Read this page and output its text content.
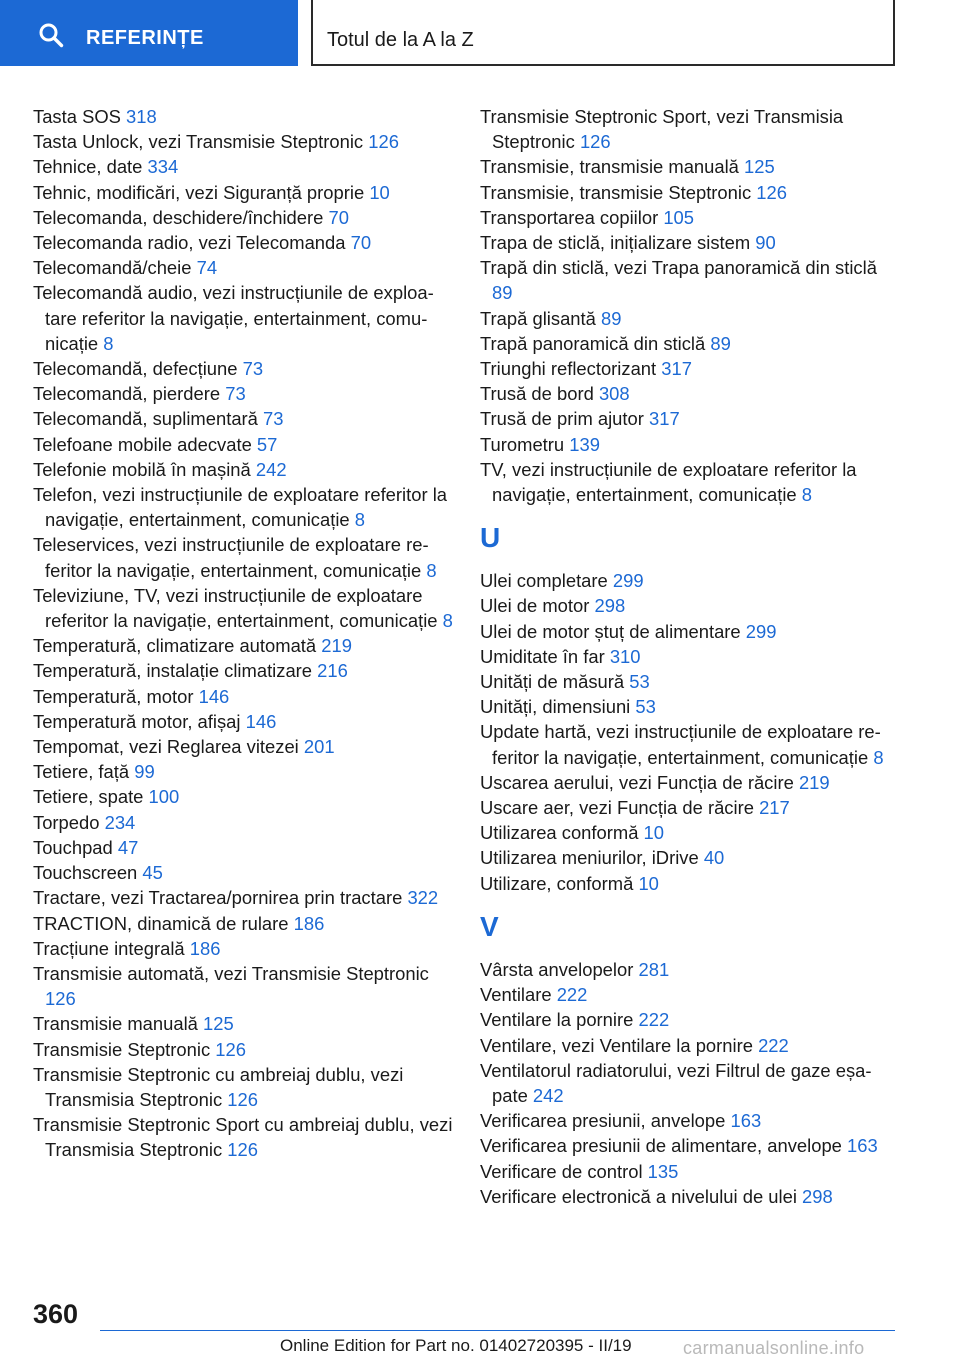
REFERINȚE	Totul de la A la Z
Tasta SOS 318
Tasta Unlock, vezi Transmisie Steptronic 126
Tehnice, date 334
Tehnic, modificări, vezi Siguranță proprie 10
Telecomanda, deschidere/închidere 70
Telecomanda radio, vezi Telecomanda 70
Telecomandă/cheie 74
Telecomandă audio, vezi instrucțiunile de exploatare referitor la navigație, entertainment, comunicație 8
Telecomandă, defecțiune 73
Telecomandă, pierdere 73
Telecomandă, suplimentară 73
Telefoane mobile adecvate 57
Telefonie mobilă în mașină 242
Telefon, vezi instrucțiunile de exploatare referitor la navigație, entertainment, comunicație 8
Teleservices, vezi instrucțiunile de exploatare referitor la navigație, entertainment, comunicație 8
Televiziune, TV, vezi instrucțiunile de exploatare referitor la navigație, entertainment, comunicație 8
Temperatură, climatizare automată 219
Temperatură, instalație climatizare 216
Temperatură, motor 146
Temperatură motor, afișaj 146
Tempomat, vezi Reglarea vitezei 201
Tetiere, față 99
Tetiere, spate 100
Torpedo 234
Touchpad 47
Touchscreen 45
Tractare, vezi Tractarea/pornirea prin tractare 322
TRACTION, dinamică de rulare 186
Tracțiune integrală 186
Transmisie automată, vezi Transmisie Steptronic 126
Transmisie manuală 125
Transmisie Steptronic 126
Transmisie Steptronic cu ambreiaj dublu, vezi Transmisia Steptronic 126
Transmisie Steptronic Sport cu ambreiaj dublu, vezi Transmisia Steptronic 126
Transmisie Steptronic Sport, vezi Transmisia Steptronic 126
Transmisie, transmisie manuală 125
Transmisie, transmisie Steptronic 126
Transportarea copiilor 105
Trapa de sticlă, inițializare sistem 90
Trapă din sticlă, vezi Trapa panoramică din sticlă 89
Trapă glisantă 89
Trapă panoramică din sticlă 89
Triunghi reflectorizant 317
Trusă de bord 308
Trusă de prim ajutor 317
Turometru 139
TV, vezi instrucțiunile de exploatare referitor la navigație, entertainment, comunicație 8
U
Ulei completare 299
Ulei de motor 298
Ulei de motor ștuț de alimentare 299
Umiditate în far 310
Unități de măsură 53
Unități, dimensiuni 53
Update hartă, vezi instrucțiunile de exploatare referitor la navigație, entertainment, comunicație 8
Uscarea aerului, vezi Funcția de răcire 219
Uscare aer, vezi Funcția de răcire 217
Utilizarea conformă 10
Utilizarea meniurilor, iDrive 40
Utilizare, conformă 10
V
Vârsta anvelopelor 281
Ventilare 222
Ventilare la pornire 222
Ventilare, vezi Ventilare la pornire 222
Ventilatorul radiatorului, vezi Filtrul de gaze eșapate 242
Verificarea presiunii, anvelope 163
Verificarea presiunii de alimentare, anvelope 163
Verificare de control 135
Verificare electronică a nivelului de ulei 298
360
Online Edition for Part no. 01402720395 - II/19	carmanualsonline.info
